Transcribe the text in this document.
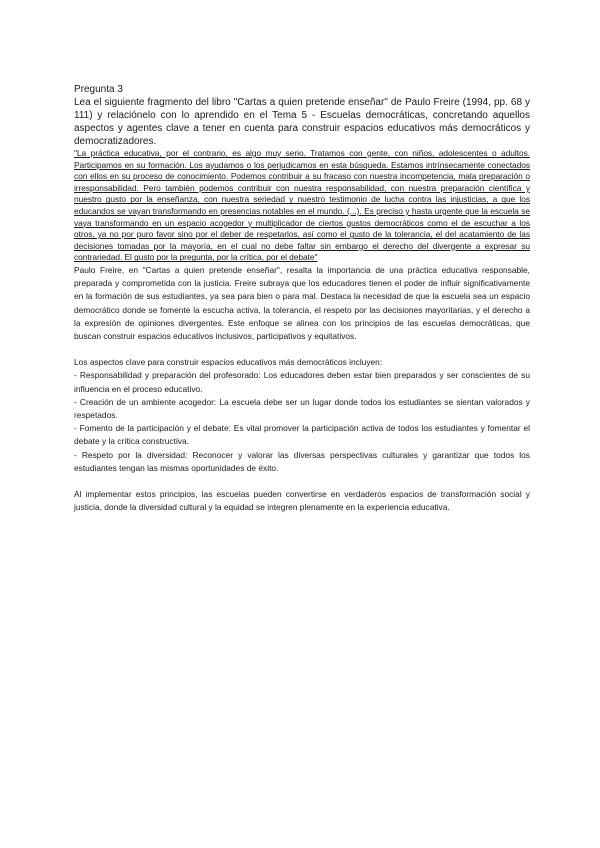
Pregunta 3

Lea el siguiente fragmento del libro "Cartas a quien pretende enseñar" de Paulo Freire (1994, pp. 68 y 111) y relaciónelo con lo aprendido en el Tema 5 - Escuelas democráticas, concretando aquellos aspectos y agentes clave a tener en cuenta para construir espacios educativos más democráticos y democratizadores.

"La práctica educativa, por el contrario, es algo muy serio. Tratamos con gente, con niños, adolescentes o adultos. Participamos en su formación. Los ayudamos o los perjudicamos en esta búsqueda. Estamos intrínsecamente conectados con ellos en su proceso de conocimiento. Podemos contribuir a su fracaso con nuestra incompetencia, mala preparación o irresponsabilidad. Pero también podemos contribuir con nuestra responsabilidad, con nuestra preparación científica y nuestro gusto por la enseñanza, con nuestra seriedad y nuestro testimonio de lucha contra las injusticias, a que los educandos se vayan transformando en presencias notables en el mundo. (...). Es preciso y hasta urgente que la escuela se vaya transformando en un espacio acogedor y multiplicador de ciertos gustos democráticos como el de escuchar a los otros, ya no por puro favor sino por el deber de respetarlos, así como el gusto de la tolerancia, el del acatamiento de las decisiones tomadas por la mayoría, en el cual no debe faltar sin embargo el derecho del divergente a expresar su contrariedad. El gusto por la pregunta, por la crítica, por el debate"

Paulo Freire, en "Cartas a quien pretende enseñar", resalta la importancia de una práctica educativa responsable, preparada y comprometida con la justicia. Freire subraya que los educadores tienen el poder de influir significativamente en la formación de sus estudiantes, ya sea para bien o para mal. Destaca la necesidad de que la escuela sea un espacio democrático donde se fomente la escucha activa, la tolerancia, el respeto por las decisiones mayoritarias, y el derecho a la expresión de opiniones divergentes. Este enfoque se alinea con los principios de las escuelas democráticas, que buscan construir espacios educativos inclusivos, participativos y equitativos.

Los aspectos clave para construir espacios educativos más democráticos incluyen:

- Responsabilidad y preparación del profesorado: Los educadores deben estar bien preparados y ser conscientes de su influencia en el proceso educativo.
- Creación de un ambiente acogedor: La escuela debe ser un lugar donde todos los estudiantes se sientan valorados y respetados.
- Fomento de la participación y el debate: Es vital promover la participación activa de todos los estudiantes y fomentar el debate y la crítica constructiva.
- Respeto por la diversidad: Reconocer y valorar las diversas perspectivas culturales y garantizar que todos los estudiantes tengan las mismas oportunidades de éxito.

Al implementar estos principios, las escuelas pueden convertirse en verdaderos espacios de transformación social y justicia, donde la diversidad cultural y la equidad se integren plenamente en la experiencia educativa.
